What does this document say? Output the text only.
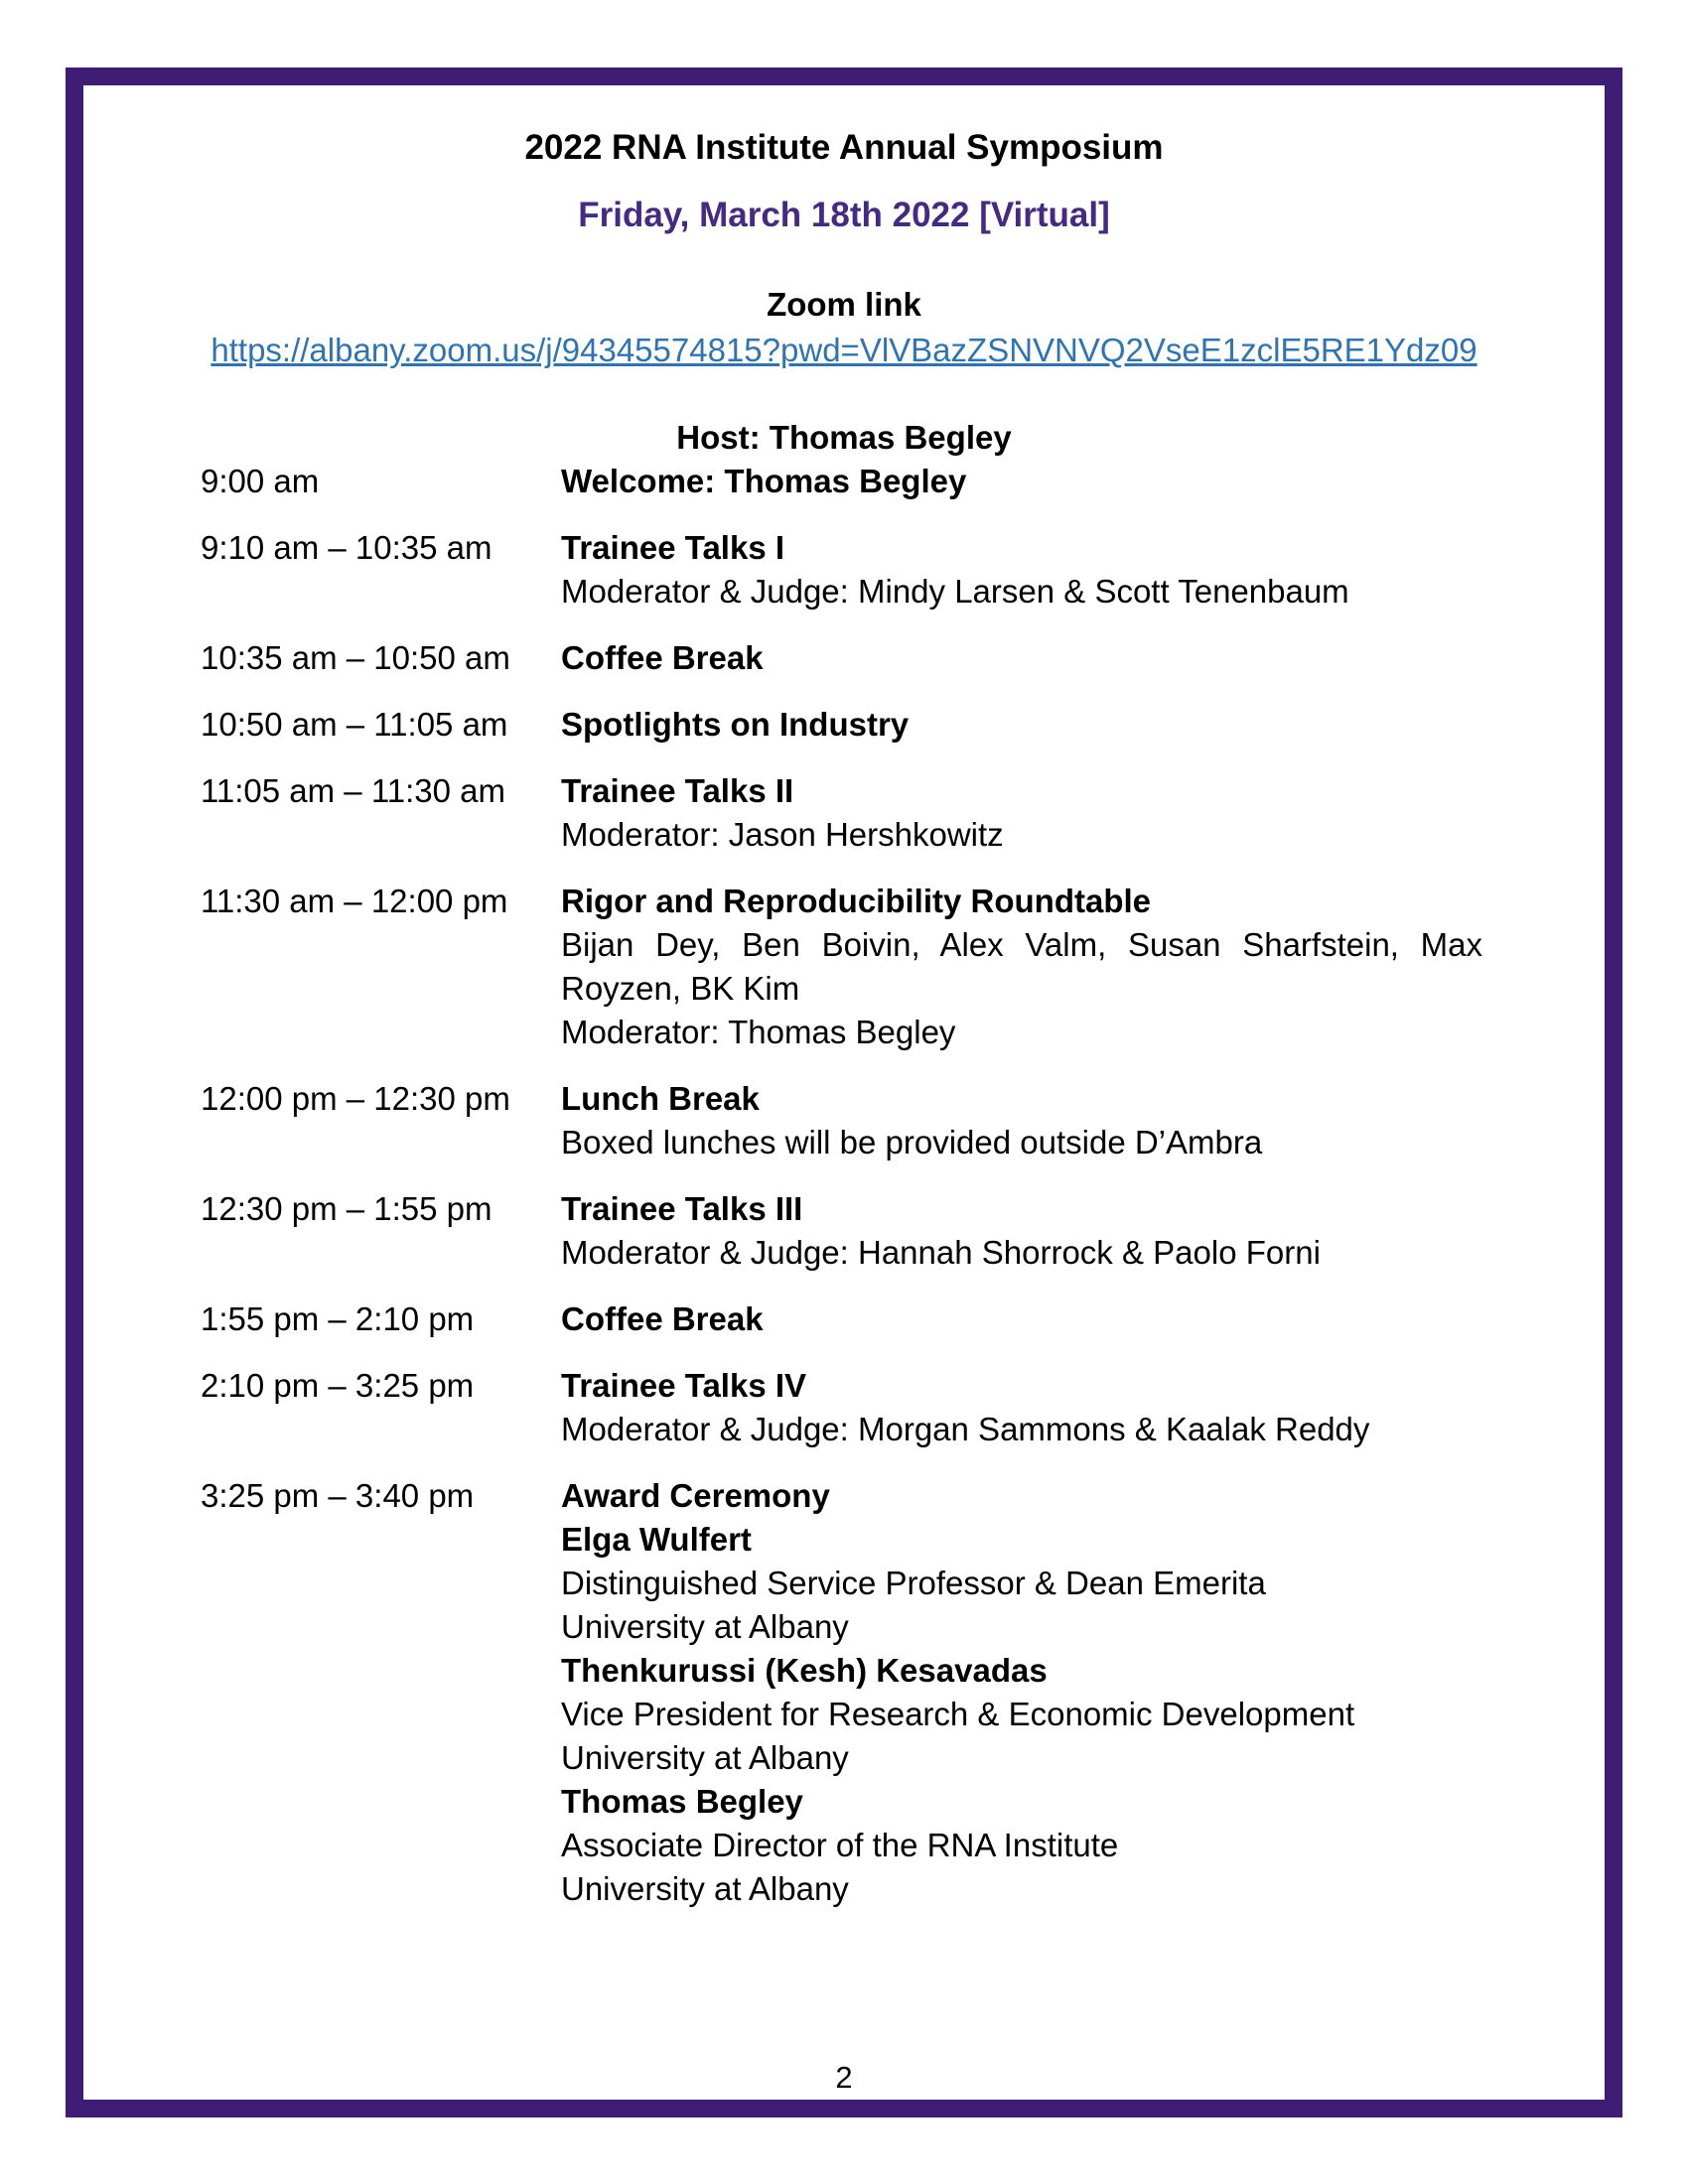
2022 RNA Institute Annual Symposium
Friday, March 18th 2022 [Virtual]
Zoom link
https://albany.zoom.us/j/94345574815?pwd=VlVBazZSNVNVQ2VseE1zclE5RE1Ydz09
Host: Thomas Begley
9:00 am	Welcome: Thomas Begley
9:10 am – 10:35 am	Trainee Talks I
Moderator & Judge: Mindy Larsen & Scott Tenenbaum
10:35 am – 10:50 am	Coffee Break
10:50 am – 11:05 am	Spotlights on Industry
11:05 am – 11:30 am	Trainee Talks II
Moderator: Jason Hershkowitz
11:30 am – 12:00 pm	Rigor and Reproducibility Roundtable
Bijan Dey, Ben Boivin, Alex Valm, Susan Sharfstein, Max Royzen, BK Kim
Moderator: Thomas Begley
12:00 pm – 12:30 pm	Lunch Break
Boxed lunches will be provided outside D’Ambra
12:30 pm – 1:55 pm	Trainee Talks III
Moderator & Judge: Hannah Shorrock & Paolo Forni
1:55 pm – 2:10 pm	Coffee Break
2:10 pm – 3:25 pm	Trainee Talks IV
Moderator & Judge: Morgan Sammons & Kaalak Reddy
3:25 pm – 3:40 pm	Award Ceremony
Elga Wulfert
Distinguished Service Professor & Dean Emerita
University at Albany
Thenkurussi (Kesh) Kesavadas
Vice President for Research & Economic Development
University at Albany
Thomas Begley
Associate Director of the RNA Institute
University at Albany
2
